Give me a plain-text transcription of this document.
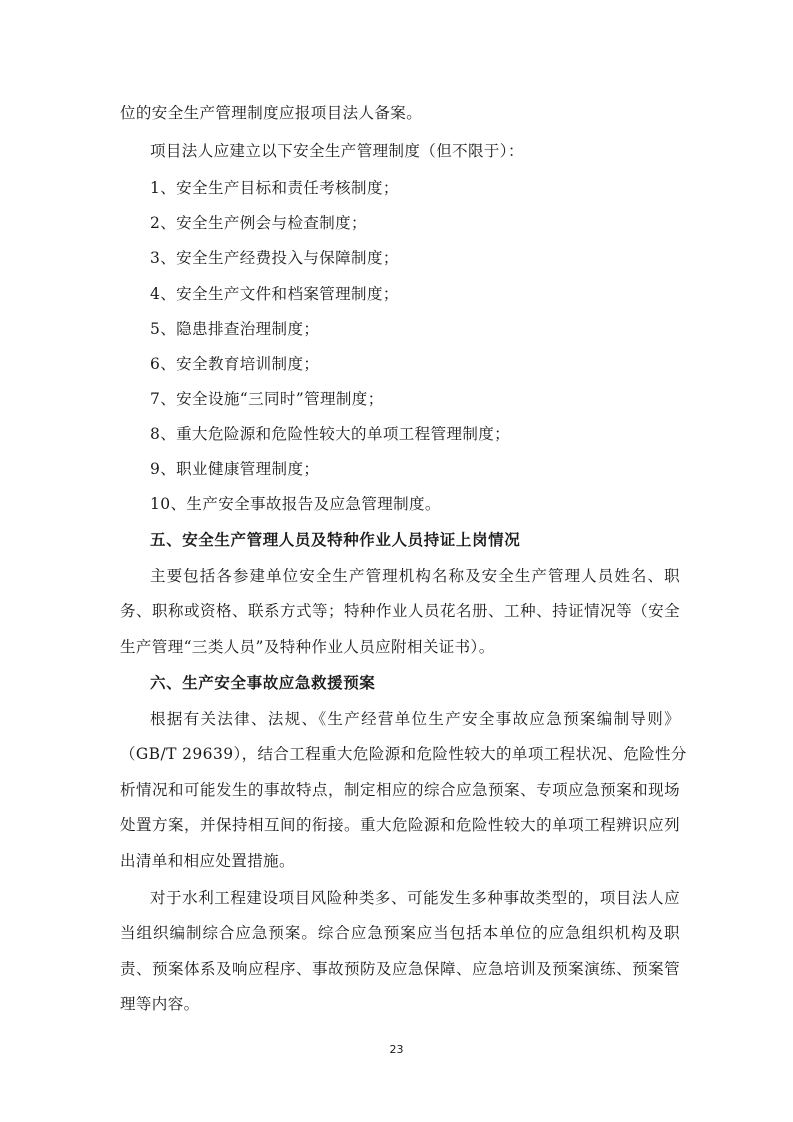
位的安全生产管理制度应报项目法人备案。
项目法人应建立以下安全生产管理制度（但不限于）：
1、安全生产目标和责任考核制度；
2、安全生产例会与检查制度；
3、安全生产经费投入与保障制度；
4、安全生产文件和档案管理制度；
5、隐患排查治理制度；
6、安全教育培训制度；
7、安全设施“三同时”管理制度；
8、重大危险源和危险性较大的单项工程管理制度；
9、职业健康管理制度；
10、生产安全事故报告及应急管理制度。
五、安全生产管理人员及特种作业人员持证上岗情况
主要包括各参建单位安全生产管理机构名称及安全生产管理人员姓名、职
务、职称或资格、联系方式等；特种作业人员花名册、工种、持证情况等（安全
生产管理“三类人员”及特种作业人员应附相关证书）。
六、生产安全事故应急救援预案
根据有关法律、法规、《生产经营单位生产安全事故应急预案编制导则》
（GB/T 29639），结合工程重大危险源和危险性较大的单项工程状况、危险性分
析情况和可能发生的事故特点，制定相应的综合应急预案、专项应急预案和现场
处置方案，并保持相互间的衔接。重大危险源和危险性较大的单项工程辨识应列
出清单和相应处置措施。
对于水利工程建设项目风险种类多、可能发生多种事故类型的，项目法人应
当组织编制综合应急预案。综合应急预案应当包括本单位的应急组织机构及职
责、预案体系及响应程序、事故预防及应急保障、应急培训及预案演练、预案管
理等内容。
23
